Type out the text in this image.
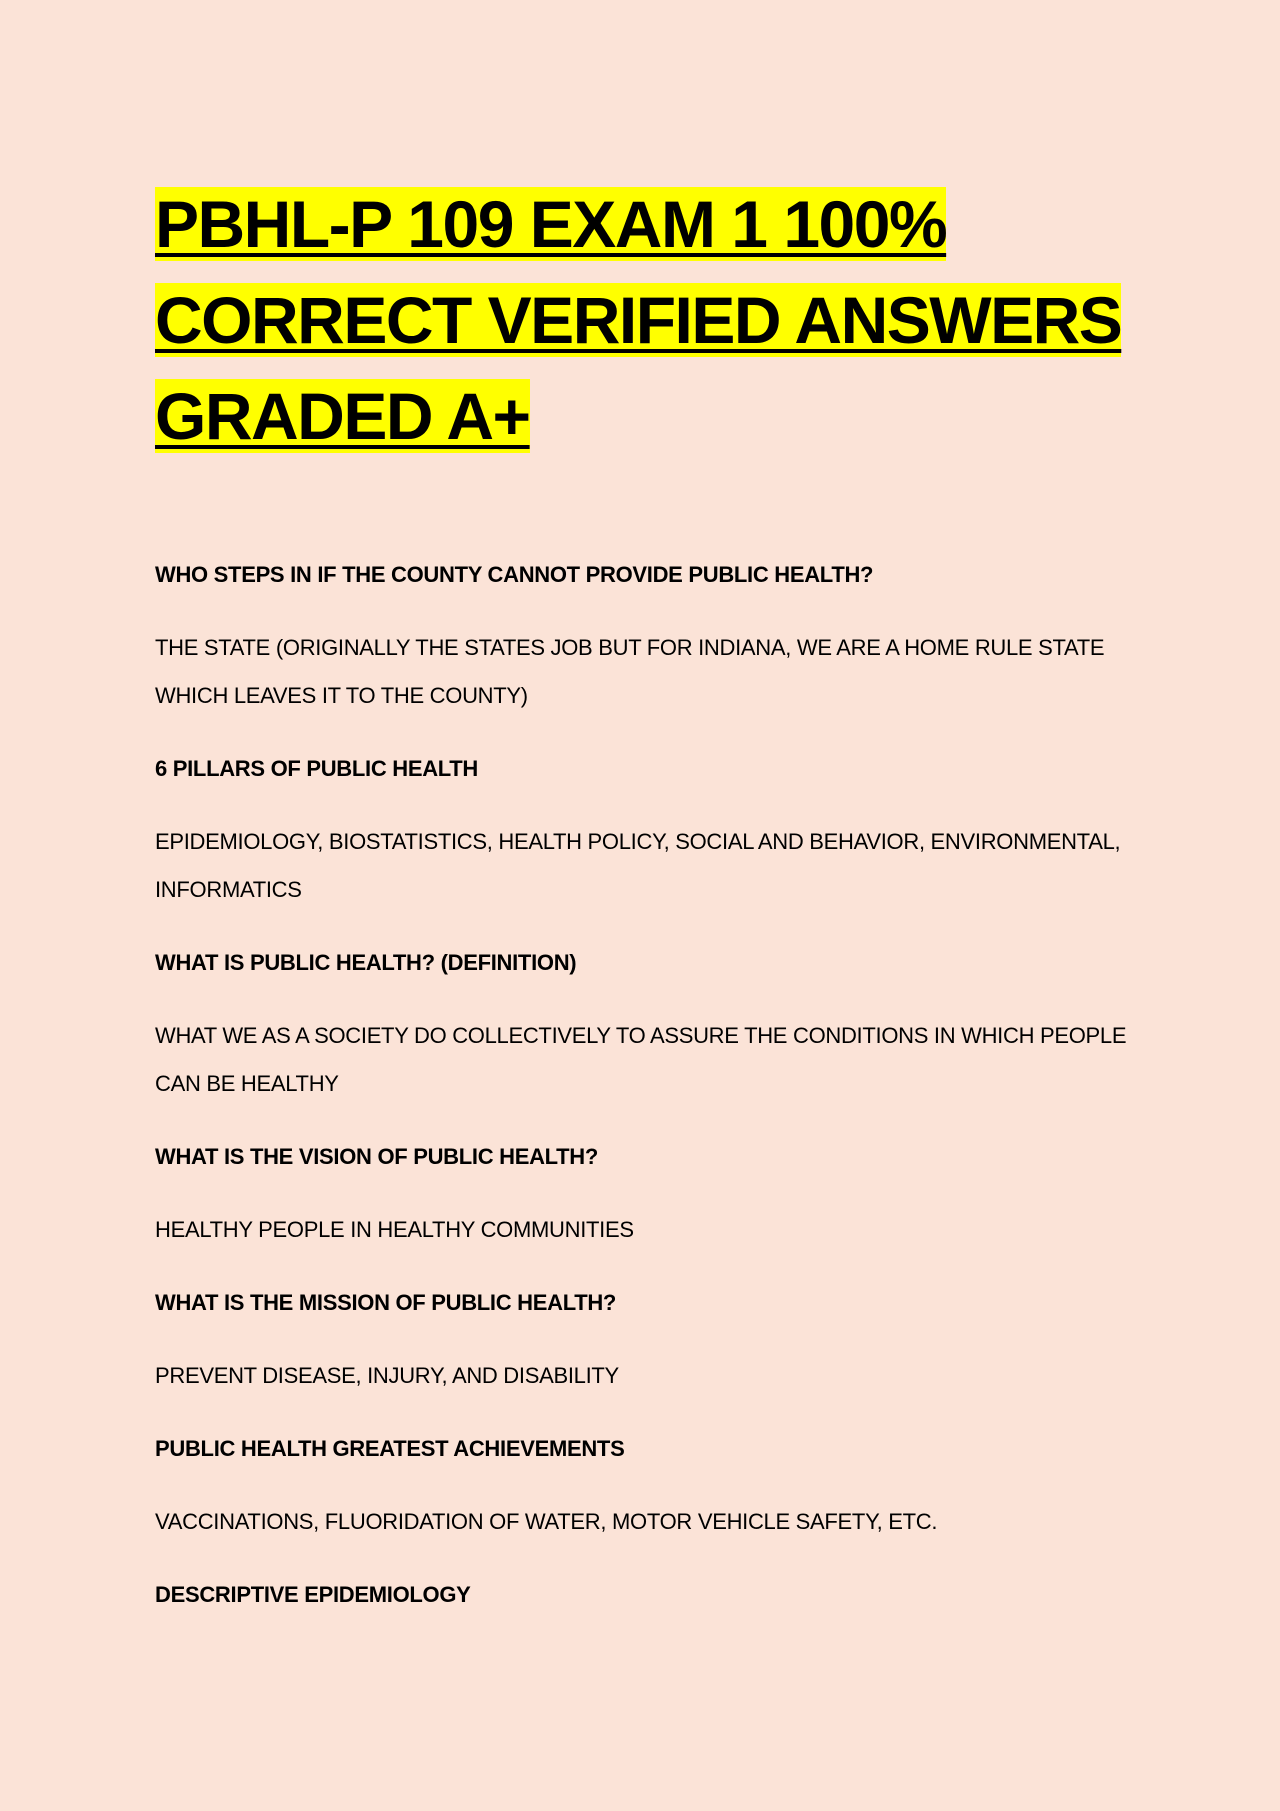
PBHL-P 109 EXAM 1 100%
CORRECT VERIFIED ANSWERS
GRADED A+

WHO STEPS IN IF THE COUNTY CANNOT PROVIDE PUBLIC HEALTH?

THE STATE (ORIGINALLY THE STATES JOB BUT FOR INDIANA, WE ARE A HOME RULE STATE WHICH LEAVES IT TO THE COUNTY)

6 PILLARS OF PUBLIC HEALTH

EPIDEMIOLOGY, BIOSTATISTICS, HEALTH POLICY, SOCIAL AND BEHAVIOR, ENVIRONMENTAL, INFORMATICS

WHAT IS PUBLIC HEALTH? (DEFINITION)

WHAT WE AS A SOCIETY DO COLLECTIVELY TO ASSURE THE CONDITIONS IN WHICH PEOPLE CAN BE HEALTHY

WHAT IS THE VISION OF PUBLIC HEALTH?

HEALTHY PEOPLE IN HEALTHY COMMUNITIES

WHAT IS THE MISSION OF PUBLIC HEALTH?

PREVENT DISEASE, INJURY, AND DISABILITY

PUBLIC HEALTH GREATEST ACHIEVEMENTS

VACCINATIONS, FLUORIDATION OF WATER, MOTOR VEHICLE SAFETY, ETC.

DESCRIPTIVE EPIDEMIOLOGY
